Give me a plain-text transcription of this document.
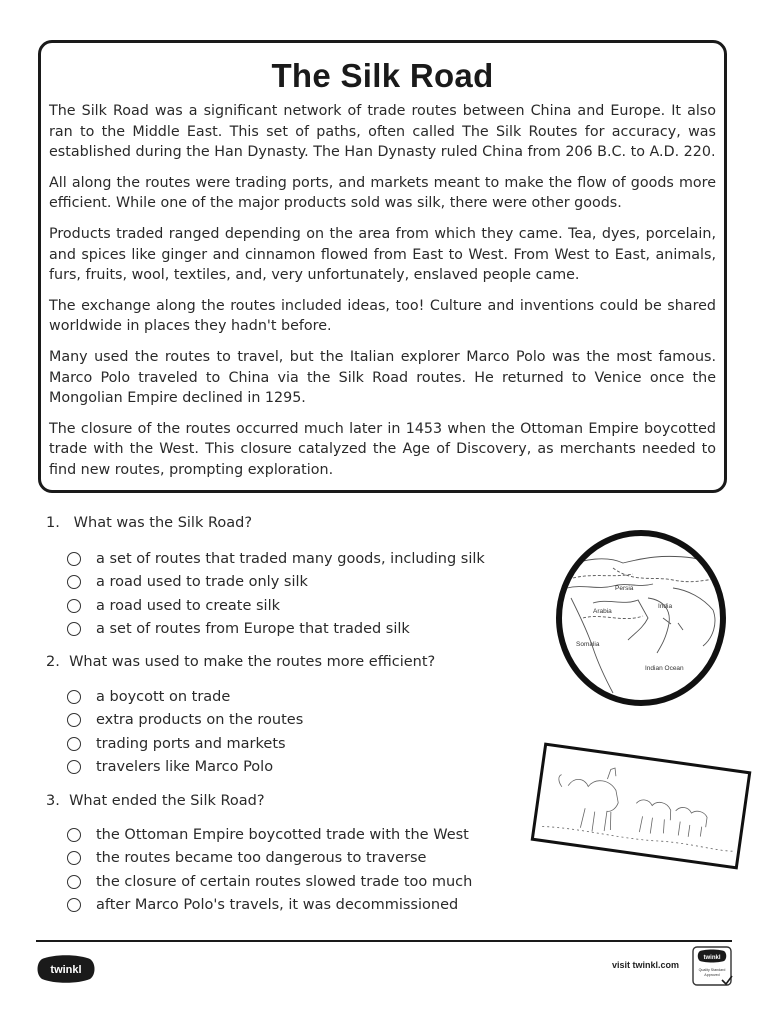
The Silk Road

The Silk Road was a significant network of trade routes between China and Europe. It also ran to the Middle East. This set of paths, often called The Silk Routes for accuracy, was established during the Han Dynasty. The Han Dynasty ruled China from 206 B.C. to A.D. 220.

All along the routes were trading ports, and markets meant to make the flow of goods more efficient. While one of the major products sold was silk, there were other goods.

Products traded ranged depending on the area from which they came. Tea, dyes, porcelain, and spices like ginger and cinnamon flowed from East to West. From West to East, animals, furs, fruits, wool, textiles, and, very unfortunately, enslaved people came.

The exchange along the routes included ideas, too! Culture and inventions could be shared worldwide in places they hadn't before.

Many used the routes to travel, but the Italian explorer Marco Polo was the most famous. Marco Polo traveled to China via the Silk Road routes. He returned to Venice once the Mongolian Empire declined in 1295.

The closure of the routes occurred much later in 1453 when the Ottoman Empire boycotted trade with the West. This closure catalyzed the Age of Discovery, as merchants needed to find new routes, prompting exploration.

1. What was the Silk Road?
a set of routes that traded many goods, including silk
a road used to trade only silk
a road used to create silk
a set of routes from Europe that traded silk
2. What was used to make the routes more efficient?
a boycott on trade
extra products on the routes
trading ports and markets
travelers like Marco Polo
3. What ended the Silk Road?
the Ottoman Empire boycotted trade with the West
the routes became too dangerous to traverse
the closure of certain routes slowed trade too much
after Marco Polo's travels, it was decommissioned
Persia
Arabia
India
Somalia
Indian Ocean
twinkl	visit twinkl.com
twinkl
Quality Standard
Approved
